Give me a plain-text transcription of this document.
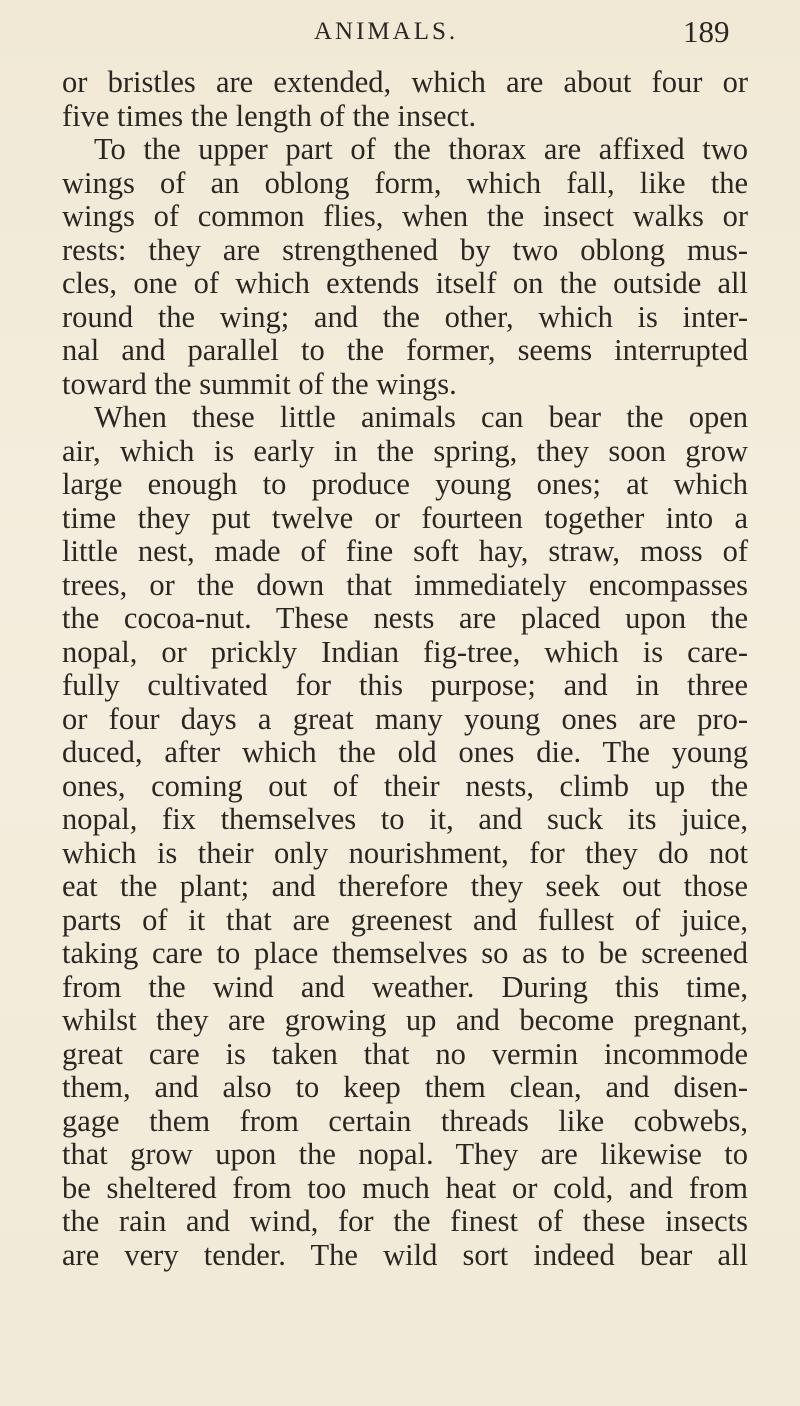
ANIMALS.	189
or bristles are extended, which are about four or
five times the length of the insect.
To the upper part of the thorax are affixed two
wings of an oblong form, which fall, like the
wings of common flies, when the insect walks or
rests: they are strengthened by two oblong mus-
cles, one of which extends itself on the outside all
round the wing; and the other, which is inter-
nal and parallel to the former, seems interrupted
toward the summit of the wings.
When these little animals can bear the open
air, which is early in the spring, they soon grow
large enough to produce young ones; at which
time they put twelve or fourteen together into a
little nest, made of fine soft hay, straw, moss of
trees, or the down that immediately encompasses
the cocoa-nut. These nests are placed upon the
nopal, or prickly Indian fig-tree, which is care-
fully cultivated for this purpose; and in three
or four days a great many young ones are pro-
duced, after which the old ones die. The young
ones, coming out of their nests, climb up the
nopal, fix themselves to it, and suck its juice,
which is their only nourishment, for they do not
eat the plant; and therefore they seek out those
parts of it that are greenest and fullest of juice,
taking care to place themselves so as to be screened
from the wind and weather. During this time,
whilst they are growing up and become pregnant,
great care is taken that no vermin incommode
them, and also to keep them clean, and disen-
gage them from certain threads like cobwebs,
that grow upon the nopal. They are likewise to
be sheltered from too much heat or cold, and from
the rain and wind, for the finest of these insects
are very tender. The wild sort indeed bear all
